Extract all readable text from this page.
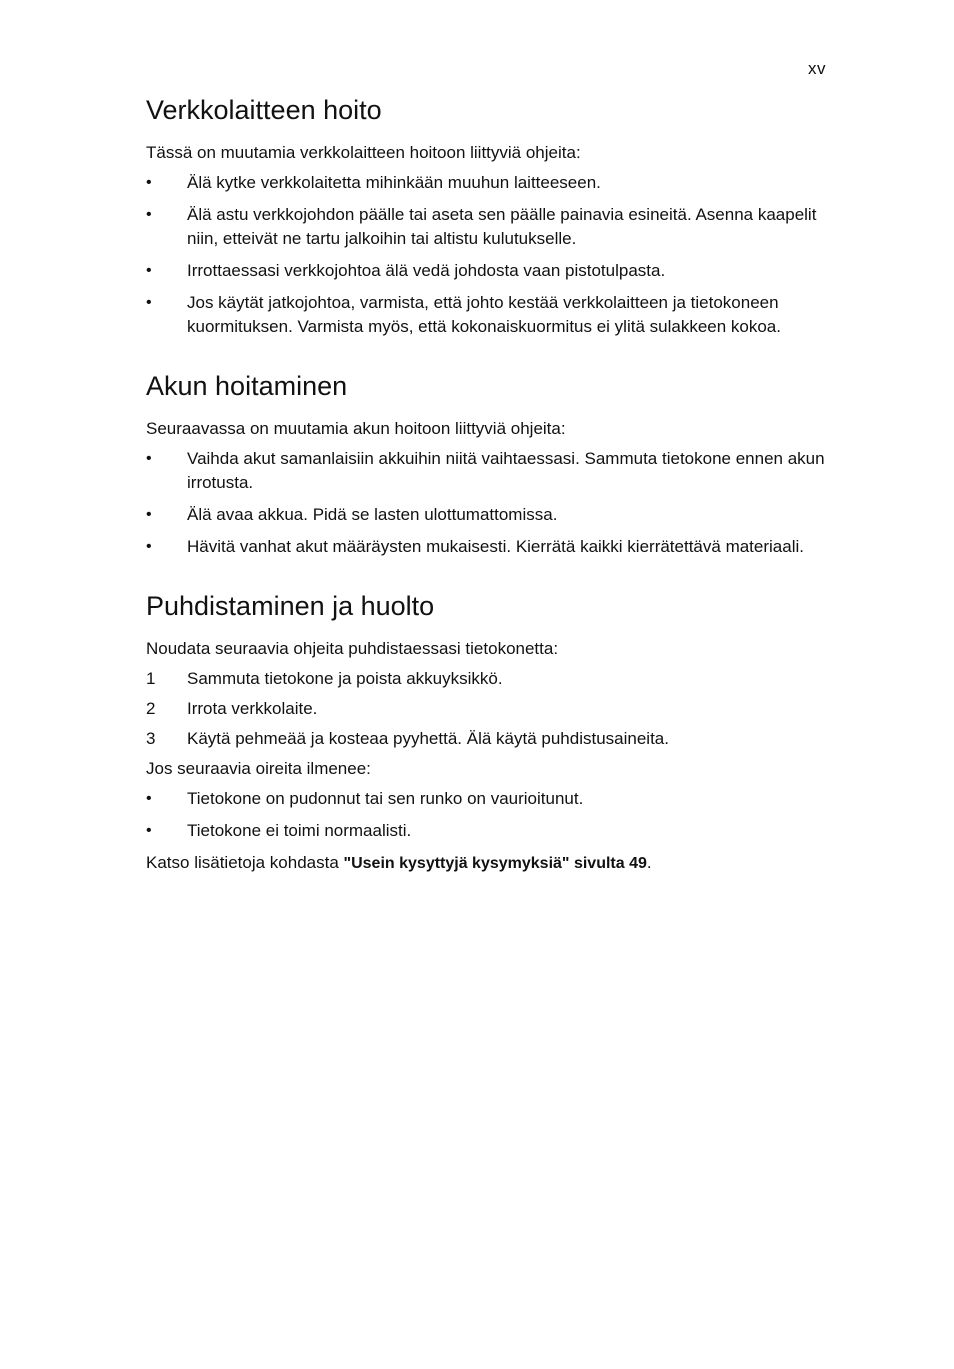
xv
Verkkolaitteen hoito

Tässä on muutamia verkkolaitteen hoitoon liittyviä ohjeita:

• Älä kytke verkkolaitetta mihinkään muuhun laitteeseen.
• Älä astu verkkojohdon päälle tai aseta sen päälle painavia esineitä. Asenna kaapelit niin, etteivät ne tartu jalkoihin tai altistu kulutukselle.
• Irrottaessasi verkkojohtoa älä vedä johdosta vaan pistotulpasta.
• Jos käytät jatkojohtoa, varmista, että johto kestää verkkolaitteen ja tietokoneen kuormituksen. Varmista myös, että kokonaiskuormitus ei ylitä sulakkeen kokoa.
Akun hoitaminen

Seuraavassa on muutamia akun hoitoon liittyviä ohjeita:

• Vaihda akut samanlaisiin akkuihin niitä vaihtaessasi. Sammuta tietokone ennen akun irrotusta.
• Älä avaa akkua. Pidä se lasten ulottumattomissa.
• Hävitä vanhat akut määräysten mukaisesti. Kierrätä kaikki kierrätettävä materiaali.
Puhdistaminen ja huolto

Noudata seuraavia ohjeita puhdistaessasi tietokonetta:

1 Sammuta tietokone ja poista akkuyksikkö.
2 Irrota verkkolaite.
3 Käytä pehmeää ja kosteaa pyyhettä. Älä käytä puhdistusaineita.

Jos seuraavia oireita ilmenee:

• Tietokone on pudonnut tai sen runko on vaurioitunut.
• Tietokone ei toimi normaalisti.

Katso lisätietoja kohdasta "Usein kysyttyjä kysymyksiä" sivulta 49.
